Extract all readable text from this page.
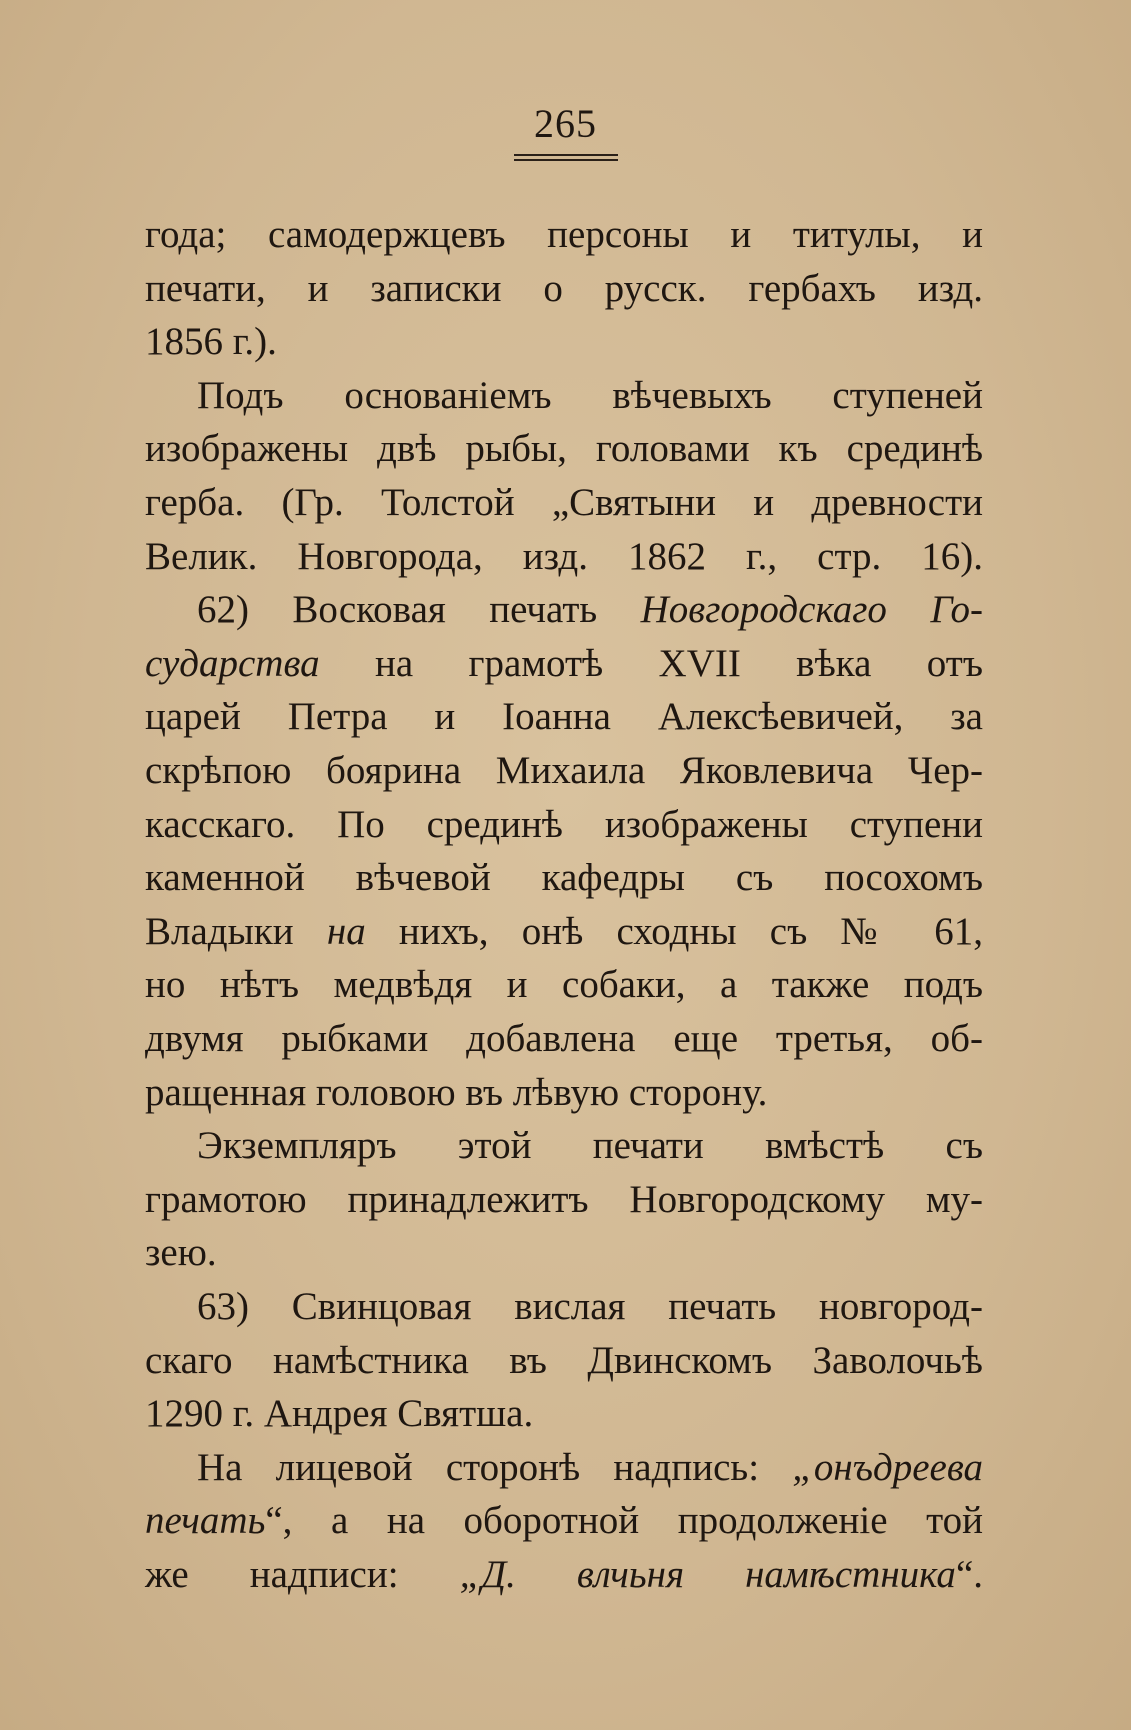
265
года; самодержцевъ персоны и титулы, и
печати, и записки о русск. гербахъ изд.
1856 г.).
Подъ основаніемъ вѣчевыхъ ступеней
изображены двѣ рыбы, головами къ срединѣ
герба. (Гр. Толстой „Святыни и древности
Велик. Новгорода, изд. 1862 г., стр. 16).
62) Восковая печать Новгородскаго Го-
сударства на грамотѣ XVII вѣка отъ
царей Петра и Іоанна Алексѣевичей, за
скрѣпою боярина Михаила Яковлевича Чер-
касскаго. По срединѣ изображены ступени
каменной вѣчевой кафедры съ посохомъ
Владыки на нихъ, онѣ сходны съ № 61,
но нѣтъ медвѣдя и собаки, а также подъ
двумя рыбками добавлена еще третья, об-
ращенная головою въ лѣвую сторону.
Экземпляръ этой печати вмѣстѣ съ
грамотою принадлежитъ Новгородскому му-
зею.
63) Свинцовая вислая печать новгород-
скаго намѣстника въ Двинскомъ Заволочьѣ
1290 г. Андрея Святша.
На лицевой сторонѣ надпись: „онъдреева
печать“, а на оборотной продолженіе той
же надписи: „Д. влчьня намѣстника“.
